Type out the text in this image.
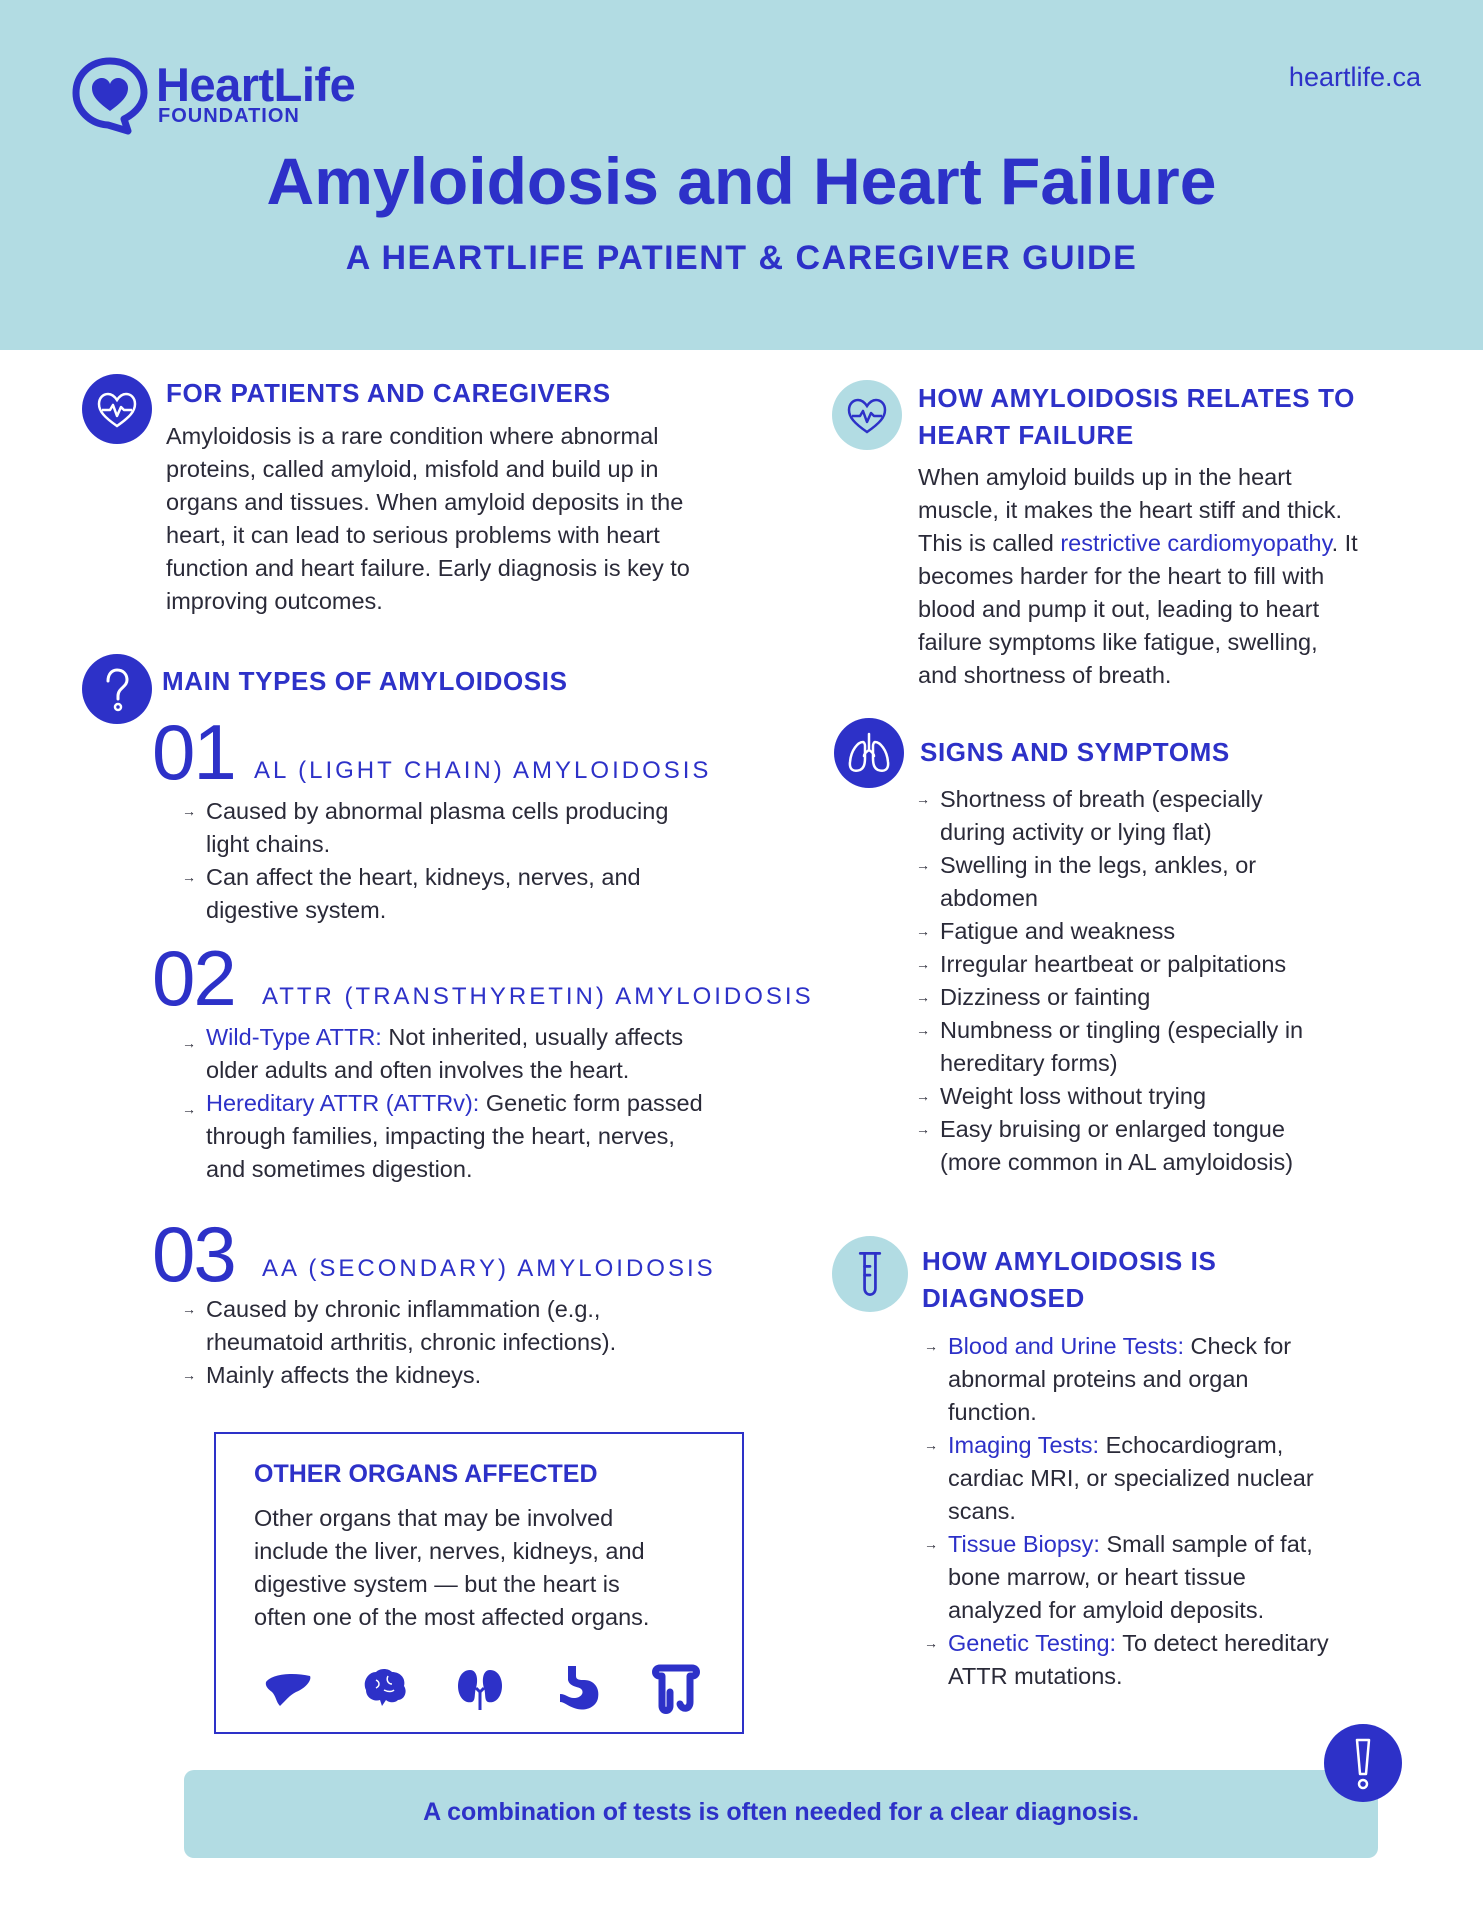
HeartLife
FOUNDATION
heartlife.ca
Amyloidosis and Heart Failure
A HEARTLIFE PATIENT & CAREGIVER GUIDE
FOR PATIENTS AND CAREGIVERS
Amyloidosis is a rare condition where abnormal
proteins, called amyloid, misfold and build up in
organs and tissues. When amyloid deposits in the
heart, it can lead to serious problems with heart
function and heart failure. Early diagnosis is key to
improving outcomes.
MAIN TYPES OF AMYLOIDOSIS
01 AL (LIGHT CHAIN) AMYLOIDOSIS
→ Caused by abnormal plasma cells producing
light chains.
→ Can affect the heart, kidneys, nerves, and
digestive system.
02 ATTR (TRANSTHYRETIN) AMYLOIDOSIS
→ Wild-Type ATTR: Not inherited, usually affects
older adults and often involves the heart.
→ Hereditary ATTR (ATTRv): Genetic form passed
through families, impacting the heart, nerves,
and sometimes digestion.
03 AA (SECONDARY) AMYLOIDOSIS
→ Caused by chronic inflammation (e.g.,
rheumatoid arthritis, chronic infections).
→ Mainly affects the kidneys.
OTHER ORGANS AFFECTED
Other organs that may be involved
include the liver, nerves, kidneys, and
digestive system — but the heart is
often one of the most affected organs.
HOW AMYLOIDOSIS RELATES TO
HEART FAILURE
When amyloid builds up in the heart
muscle, it makes the heart stiff and thick.
This is called restrictive cardiomyopathy. It
becomes harder for the heart to fill with
blood and pump it out, leading to heart
failure symptoms like fatigue, swelling,
and shortness of breath.
SIGNS AND SYMPTOMS
→ Shortness of breath (especially
during activity or lying flat)
→ Swelling in the legs, ankles, or
abdomen
→ Fatigue and weakness
→ Irregular heartbeat or palpitations
→ Dizziness or fainting
→ Numbness or tingling (especially in
hereditary forms)
→ Weight loss without trying
→ Easy bruising or enlarged tongue
(more common in AL amyloidosis)
HOW AMYLOIDOSIS IS
DIAGNOSED
→ Blood and Urine Tests: Check for
abnormal proteins and organ
function.
→ Imaging Tests: Echocardiogram,
cardiac MRI, or specialized nuclear
scans.
→ Tissue Biopsy: Small sample of fat,
bone marrow, or heart tissue
analyzed for amyloid deposits.
→ Genetic Testing: To detect hereditary
ATTR mutations.
A combination of tests is often needed for a clear diagnosis.
